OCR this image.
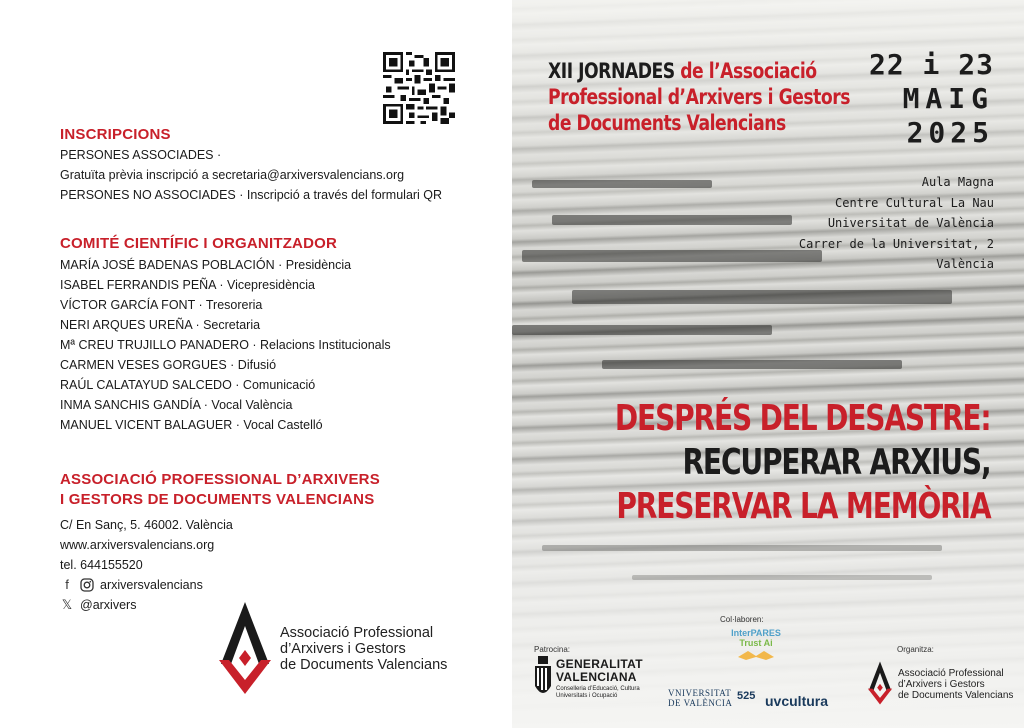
INSCRIPCIONS
PERSONES ASSOCIADES ·
Gratuïta prèvia inscripció a secretaria@arxiversvalencians.org
PERSONES NO ASSOCIADES · Inscripció a través del formulari QR
COMITÉ CIENTÍFIC I ORGANITZADOR
MARÍA JOSÉ BADENAS POBLACIÓN · Presidència
ISABEL FERRANDIS PEÑA · Vicepresidència
VÍCTOR GARCÍA FONT · Tresoreria
NERI ARQUES UREÑA · Secretaria
Mª CREU TRUJILLO PANADERO · Relacions Institucionals
CARMEN VESES GORGUES · Difusió
RAÚL CALATAYUD SALCEDO · Comunicació
INMA SANCHIS GANDÍA · Vocal València
MANUEL VICENT BALAGUER · Vocal Castelló
ASSOCIACIÓ PROFESSIONAL D’ARXIVERS
I GESTORS DE DOCUMENTS VALENCIANS
C/ En Sanç, 5. 46002. València
www.arxiversvalencians.org
tel. 644155520
f	arxiversvalencians
𝕏 @arxivers
Associació Professional
d’Arxivers i Gestors
de Documents Valencians
XII JORNADES de l’Associació
Professional d’Arxivers i Gestors
de Documents Valencians
22 i 23
MAIG
2025
Aula Magna
Centre Cultural La Nau
Universitat de València
Carrer de la Universitat, 2
València
DESPRÉS DEL DESASTRE:
RECUPERAR ARXIUS,
PRESERVAR LA MEMÒRIA
Patrocina:
GENERALITAT
VALENCIANA
Conselleria d’Educació, Cultura
Universitats i Ocupació
Col·laboren:
InterPARES
Trust Ai
VNIVERSITAT
DE VALÈNCIA
525 uvcultura
Organitza:
Associació Professional
d’Arxivers i Gestors
de Documents Valencians
